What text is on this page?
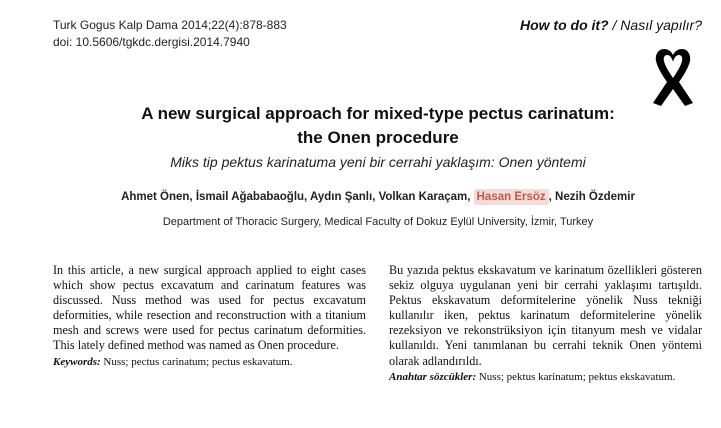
Turk Gogus Kalp Dama 2014;22(4):878-883
doi: 10.5606/tgkdc.dergisi.2014.7940
How to do it? / Nasıl yapılır?
A new surgical approach for mixed-type pectus carinatum:
the Onen procedure
Miks tip pektus karinatuma yeni bir cerrahi yaklaşım: Onen yöntemi
Ahmet Önen, İsmail Ağababaoğlu, Aydın Şanlı, Volkan Karaçam, Hasan Ersöz , Nezih Özdemir
Department of Thoracic Surgery, Medical Faculty of Dokuz Eylül University, İzmir, Turkey
In this article, a new surgical approach applied to eight cases which show pectus excavatum and carinatum features was discussed. Nuss method was used for pectus excavatum deformities, while resection and reconstruction with a titanium mesh and screws were used for pectus carinatum deformities. This lately defined method was named as Onen procedure.
Keywords: Nuss; pectus carinatum; pectus eskavatum.
Bu yazıda pektus ekskavatum ve karinatum özellikleri gösteren sekiz olguya uygulanan yeni bir cerrahi yaklaşımı tartışıldı. Pektus ekskavatum deformitelerine yönelik Nuss tekniği kullanılır iken, pektus karinatum deformitelerine yönelik rezeksiyon ve rekonstrüksiyon için titanyum mesh ve vidalar kullanıldı. Yeni tanımlanan bu cerrahi teknik Onen yöntemi olarak adlandırıldı.
Anahtar sözcükler: Nuss; pektus karinatum; pektus ekskavatum.
